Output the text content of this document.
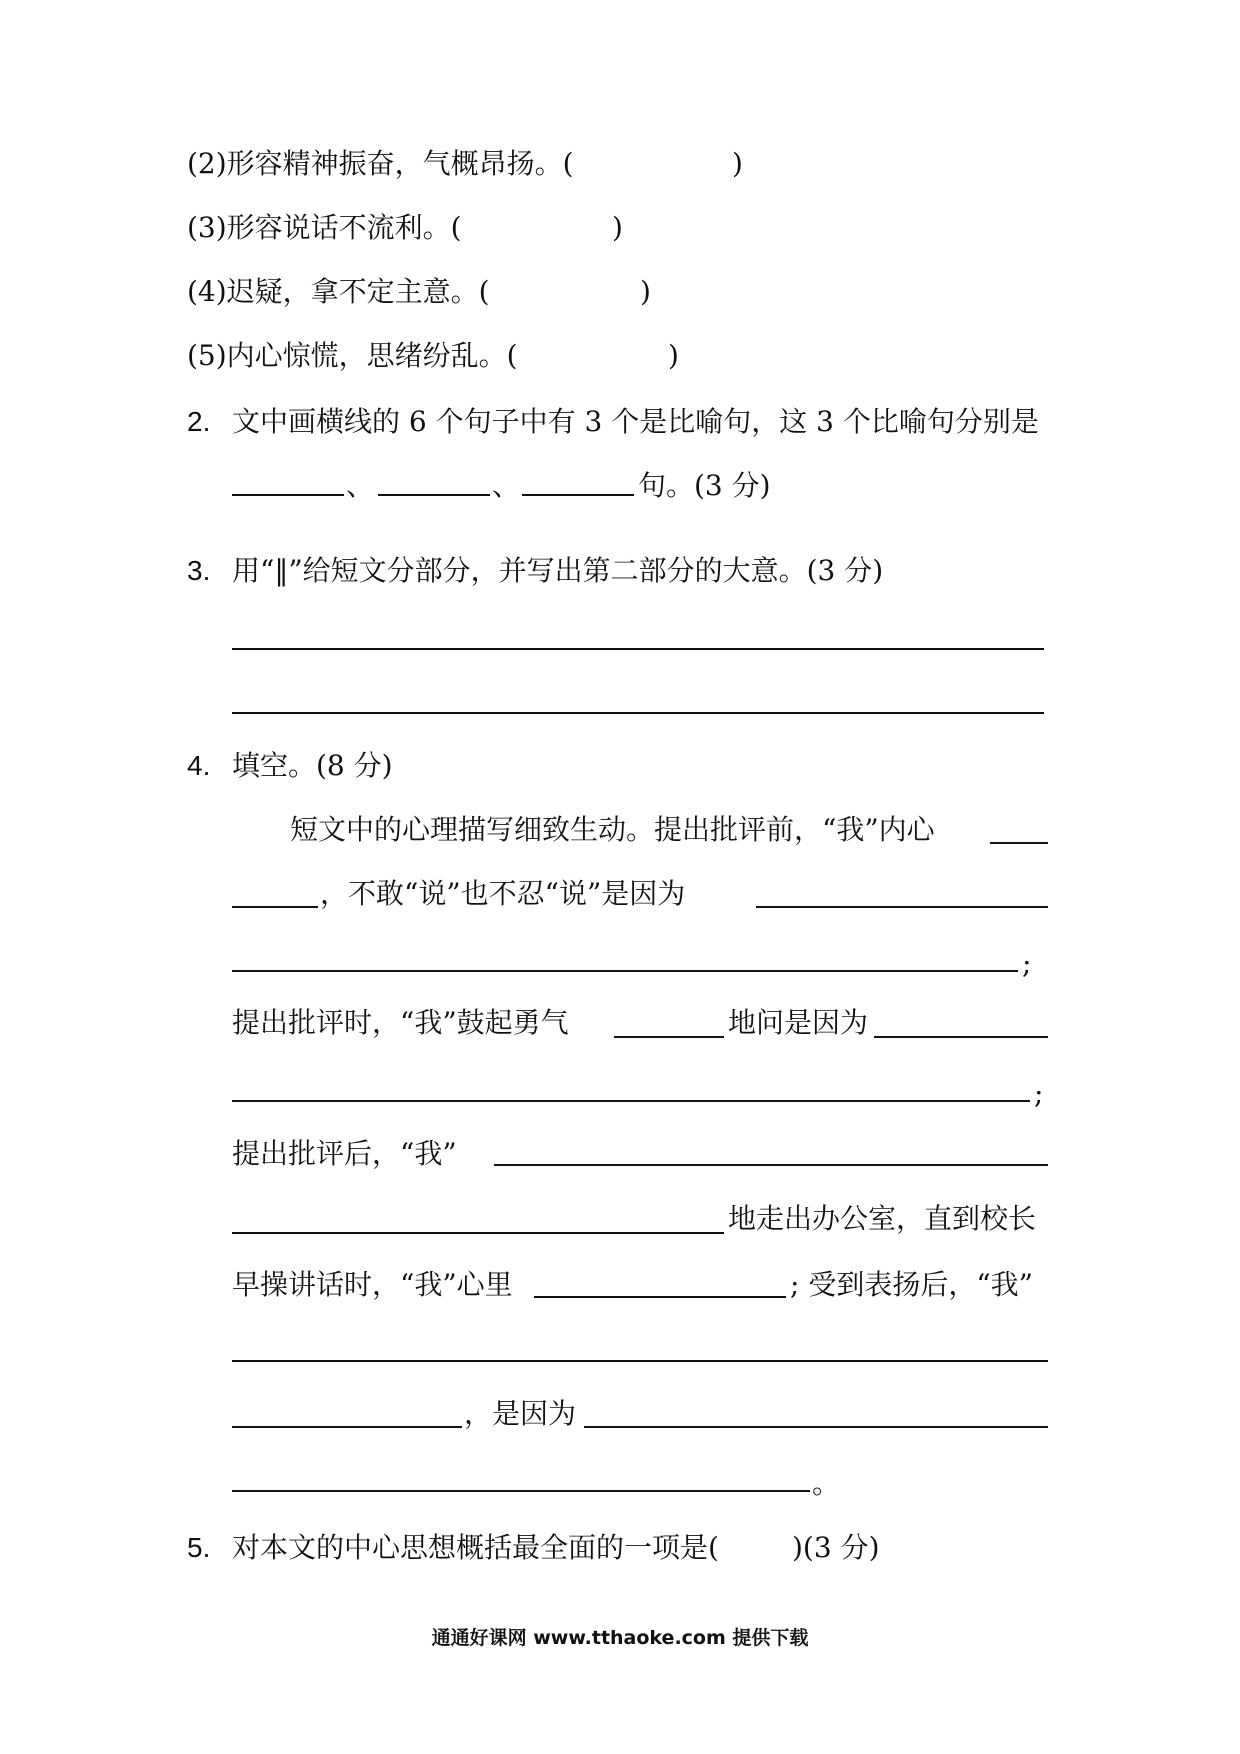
(2)形容精神振奋，气概昂扬。(	)
(3)形容说话不流利。(	)
(4)迟疑，拿不定主意。(	)
(5)内心惊慌，思绪纷乱。(	)
2. 文中画横线的 6 个句子中有 3 个是比喻句，这 3 个比喻句分别是
、	、	句。(3 分)
3. 用“‖”给短文分部分，并写出第二部分的大意。(3 分)
4. 填空。(8 分)
短文中的心理描写细致生动。提出批评前，“我”内心
，不敢“说”也不忍“说”是因为
;
提出批评时，“我”鼓起勇气	地问是因为
;
提出批评后，“我”
地走出办公室，直到校长
早操讲话时，“我”心里	; 受到表扬后，“我”
，是因为
。
5. 对本文的中心思想概括最全面的一项是(	)(3 分)
通通好课网 www.tthaoke.com 提供下载
